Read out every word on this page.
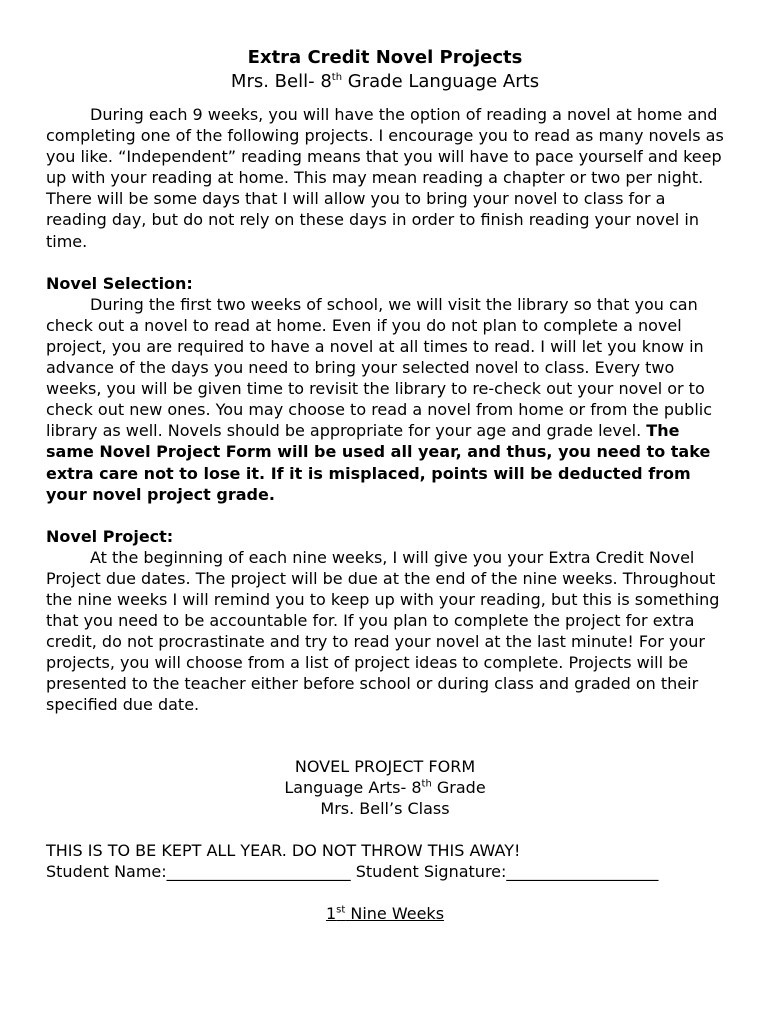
Extra Credit Novel Projects
Mrs. Bell- 8th Grade Language Arts

During each 9 weeks, you will have the option of reading a novel at home and completing one of the following projects. I encourage you to read as many novels as you like. “Independent” reading means that you will have to pace yourself and keep up with your reading at home. This may mean reading a chapter or two per night. There will be some days that I will allow you to bring your novel to class for a reading day, but do not rely on these days in order to finish reading your novel in time.

Novel Selection:

During the first two weeks of school, we will visit the library so that you can check out a novel to read at home. Even if you do not plan to complete a novel project, you are required to have a novel at all times to read. I will let you know in advance of the days you need to bring your selected novel to class. Every two weeks, you will be given time to revisit the library to re-check out your novel or to check out new ones. You may choose to read a novel from home or from the public library as well. Novels should be appropriate for your age and grade level. The same Novel Project Form will be used all year, and thus, you need to take extra care not to lose it. If it is misplaced, points will be deducted from your novel project grade.

Novel Project:

At the beginning of each nine weeks, I will give you your Extra Credit Novel Project due dates. The project will be due at the end of the nine weeks. Throughout the nine weeks I will remind you to keep up with your reading, but this is something that you need to be accountable for. If you plan to complete the project for extra credit, do not procrastinate and try to read your novel at the last minute! For your projects, you will choose from a list of project ideas to complete. Projects will be presented to the teacher either before school or during class and graded on their specified due date.

NOVEL PROJECT FORM
Language Arts- 8th Grade
Mrs. Bell’s Class
THIS IS TO BE KEPT ALL YEAR. DO NOT THROW THIS AWAY!
Student Name:_______________________ Student Signature:___________________
1st Nine Weeks
